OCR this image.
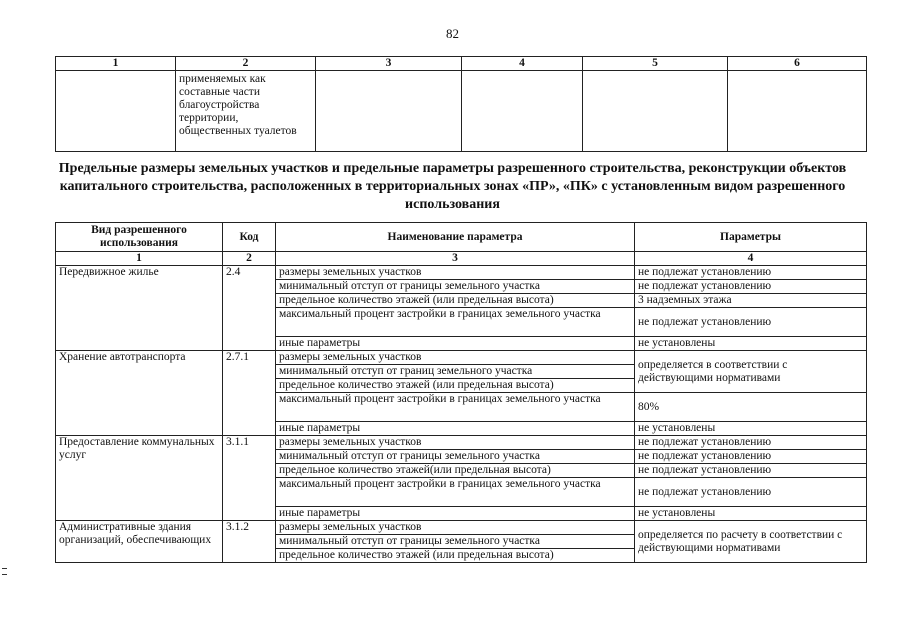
82
1	2	3	4	5	6
	применяемых как составные части благоустройства территории, общественных туалетов				
Предельные размеры земельных участков и предельные параметры разрешенного строительства, реконструкции объектов капитального строительства, расположенных в территориальных зонах «ПР», «ПК» с установленным видом разрешенного использования
Вид разрешенного использования	Код	Наименование параметра	Параметры
1	2	3	4
Передвижное жилье	2.4	размеры земельных участков	не подлежат установлению
		минимальный отступ от границы земельного участка	не подлежат установлению
		предельное количество этажей (или предельная высота)	3 надземных этажа
		максимальный процент застройки в границах земельного участка	не подлежат установлению
		иные параметры	не установлены
Хранение автотранспорта	2.7.1	размеры земельных участков	определяется в соответствии с действующими нормативами
		минимальный отступ от границ земельного участка	
		предельное количество этажей (или предельная высота)	
		максимальный процент застройки в границах земельного участка	80%
		иные параметры	не установлены
Предоставление коммунальных услуг	3.1.1	размеры земельных участков	не подлежат установлению
		минимальный отступ от границы земельного участка	не подлежат установлению
		предельное количество этажей(или предельная высота)	не подлежат установлению
		максимальный процент застройки в границах земельного участка	не подлежат установлению
		иные параметры	не установлены
Административные здания организаций, обеспечивающих	3.1.2	размеры земельных участков	определяется по расчету в соответствии с действующими нормативами
		минимальный отступ от границы земельного участка	
		предельное количество этажей (или предельная высота)	
